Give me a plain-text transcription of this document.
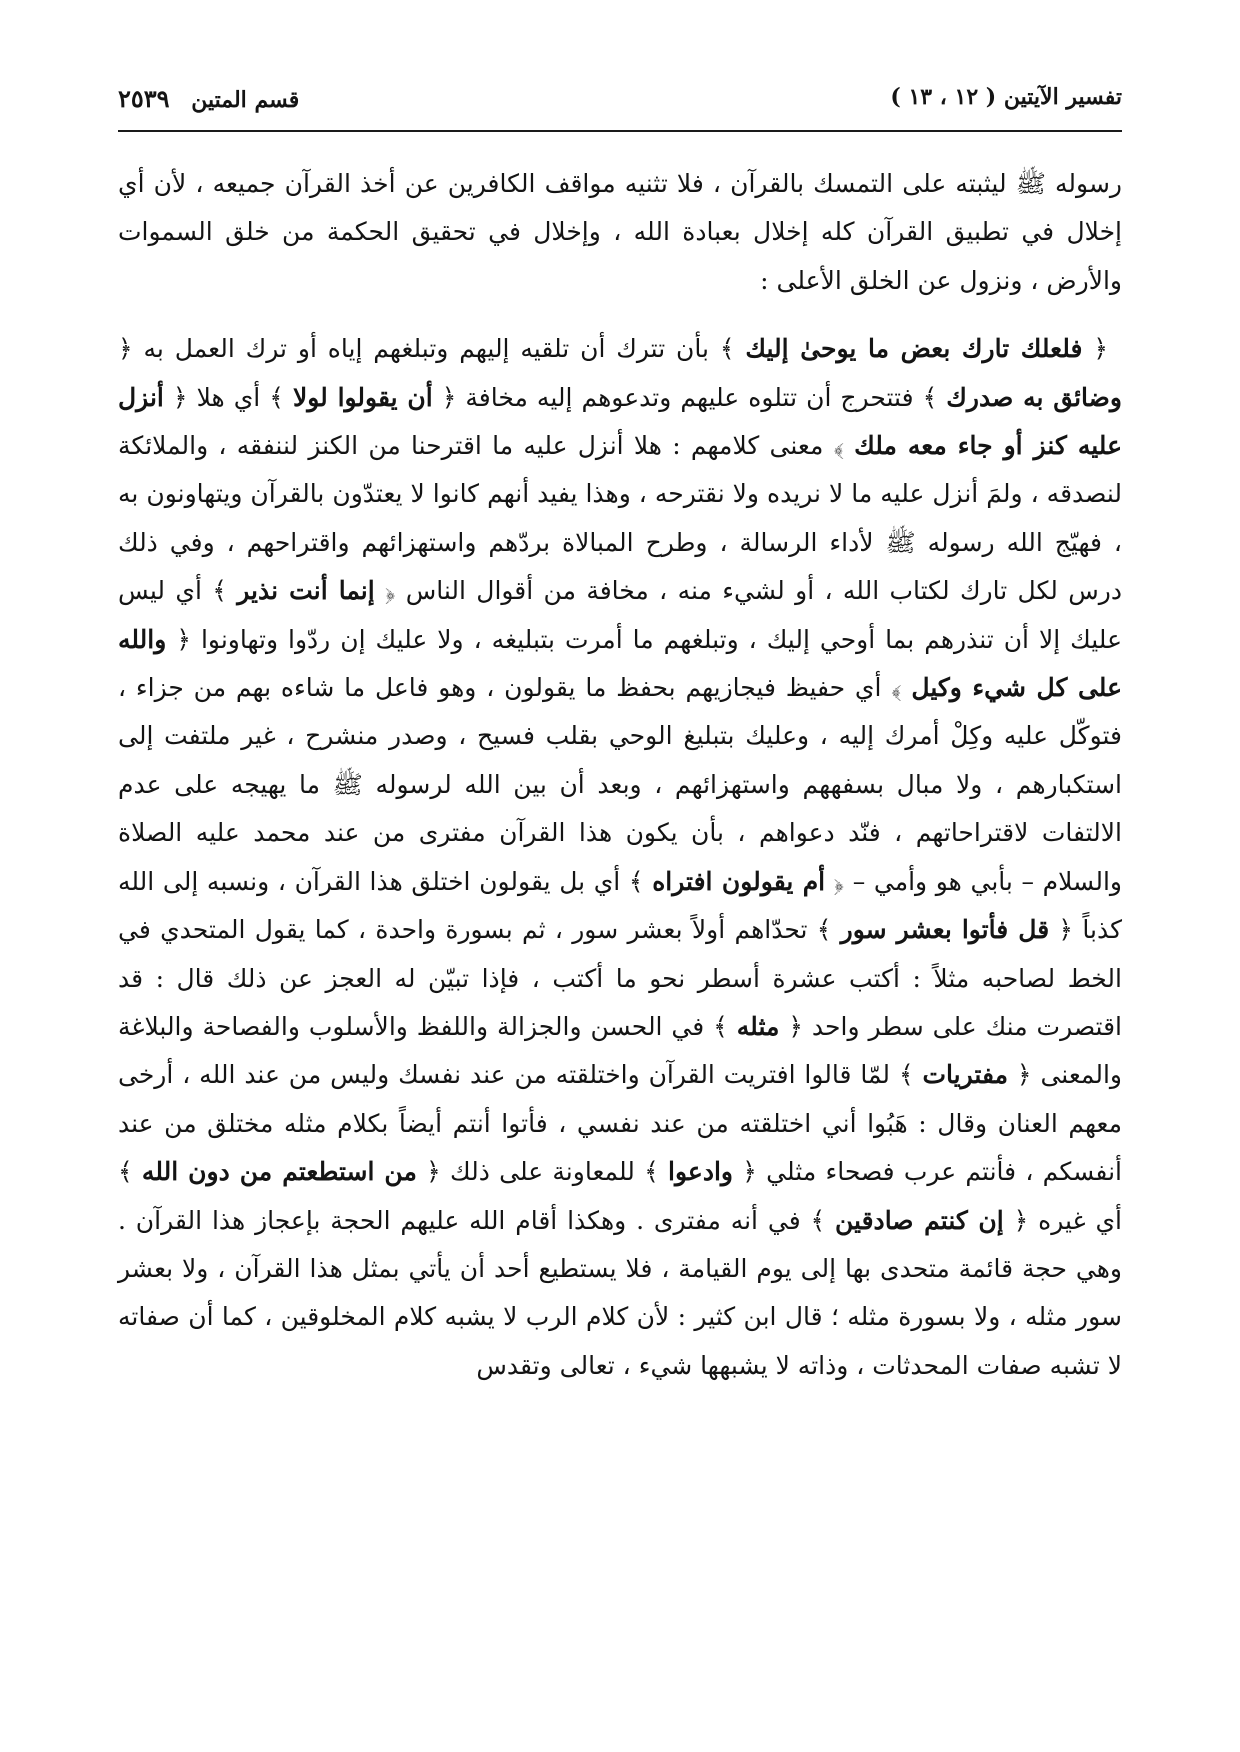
تفسير الآيتين ( ١٢ ، ١٣ )
قسم المتين ٢٥٣٩

رسوله ﷺ ليثبته على التمسك بالقرآن ، فلا تثنيه مواقف الكافرين عن أخذ القرآن جميعه ، لأن أي إخلال في تطبيق القرآن كله إخلال بعبادة الله ، وإخلال في تحقيق الحكمة من خلق السموات والأرض ، ونزول عن الخلق الأعلى :

﴿ فلعلك تارك بعض ما يوحىٰ إليك ﴾ بأن تترك أن تلقيه إليهم وتبلغهم إياه أو ترك العمل به ﴿ وضائق به صدرك ﴾ فتتحرج أن تتلوه عليهم وتدعوهم إليه مخافة ﴿ أن يقولوا لولا ﴾ أي هلا ﴿ أنزل عليه كنز أو جاء معه ملك ﴾ معنى كلامهم : هلا أنزل عليه ما اقترحنا من الكنز لننفقه ، والملائكة لنصدقه ، ولمَ أنزل عليه ما لا نريده ولا نقترحه ، وهذا يفيد أنهم كانوا لا يعتدّون بالقرآن ويتهاونون به ، فهيّج الله رسوله ﷺ لأداء الرسالة ، وطرح المبالاة بردّهم واستهزائهم واقتراحهم ، وفي ذلك درس لكل تارك لكتاب الله ، أو لشيء منه ، مخافة من أقوال الناس ﴿ إنما أنت نذير ﴾ أي ليس عليك إلا أن تنذرهم بما أوحي إليك ، وتبلغهم ما أمرت بتبليغه ، ولا عليك إن ردّوا وتهاونوا ﴿ والله على كل شيء وكيل ﴾ أي حفيظ فيجازيهم بحفظ ما يقولون ، وهو فاعل ما شاءه بهم من جزاء ، فتوكّل عليه وكِلْ أمرك إليه ، وعليك بتبليغ الوحي بقلب فسيح ، وصدر منشرح ، غير ملتفت إلى استكبارهم ، ولا مبال بسفههم واستهزائهم ، وبعد أن بين الله لرسوله ﷺ ما يهيجه على عدم الالتفات لاقتراحاتهم ، فنّد دعواهم ، بأن يكون هذا القرآن مفترى من عند محمد عليه الصلاة والسلام – بأبي هو وأمي – ﴿ أم يقولون افتراه ﴾ أي بل يقولون اختلق هذا القرآن ، ونسبه إلى الله كذباً ﴿ قل فأتوا بعشر سور ﴾ تحدّاهم أولاً بعشر سور ، ثم بسورة واحدة ، كما يقول المتحدي في الخط لصاحبه مثلاً : أكتب عشرة أسطر نحو ما أكتب ، فإذا تبيّن له العجز عن ذلك قال : قد اقتصرت منك على سطر واحد ﴿ مثله ﴾ في الحسن والجزالة واللفظ والأسلوب والفصاحة والبلاغة والمعنى ﴿ مفتريات ﴾ لمّا قالوا افتريت القرآن واختلقته من عند نفسك وليس من عند الله ، أرخى معهم العنان وقال : هَبُوا أني اختلقته من عند نفسي ، فأتوا أنتم أيضاً بكلام مثله مختلق من عند أنفسكم ، فأنتم عرب فصحاء مثلي ﴿ وادعوا ﴾ للمعاونة على ذلك ﴿ من استطعتم من دون الله ﴾ أي غيره ﴿ إن كنتم صادقين ﴾ في أنه مفترى . وهكذا أقام الله عليهم الحجة بإعجاز هذا القرآن . وهي حجة قائمة متحدى بها إلى يوم القيامة ، فلا يستطيع أحد أن يأتي بمثل هذا القرآن ، ولا بعشر سور مثله ، ولا بسورة مثله ؛ قال ابن كثير : لأن كلام الرب لا يشبه كلام المخلوقين ، كما أن صفاته لا تشبه صفات المحدثات ، وذاته لا يشبهها شيء ، تعالى وتقدس
